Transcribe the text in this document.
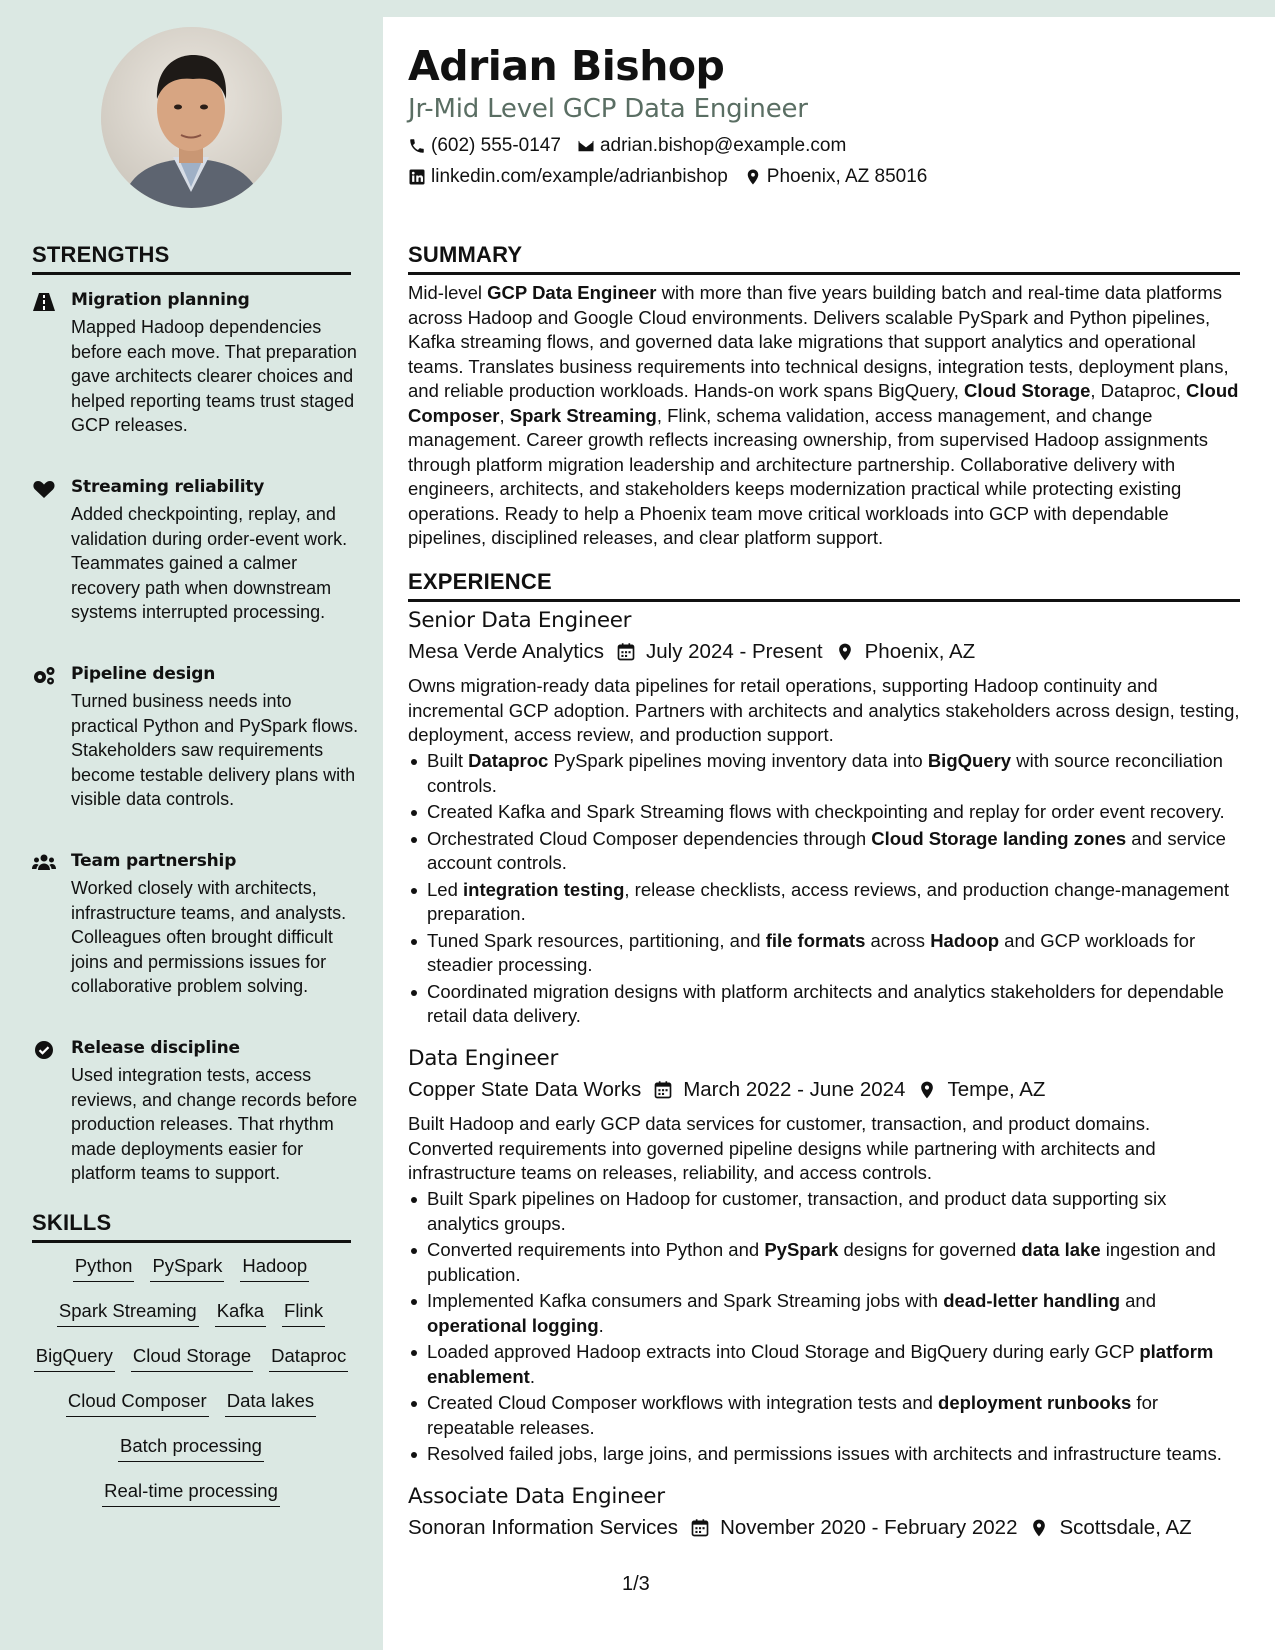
Adrian Bishop
Jr-Mid Level GCP Data Engineer
(602) 555-0147 adrian.bishop@example.com
linkedin.com/example/adrianbishop Phoenix, AZ 85016
STRENGTHS
Migration planning
Mapped Hadoop dependencies before each move. That preparation gave architects clearer choices and helped reporting teams trust staged GCP releases.
Streaming reliability
Added checkpointing, replay, and validation during order-event work. Teammates gained a calmer recovery path when downstream systems interrupted processing.
Pipeline design
Turned business needs into practical Python and PySpark flows. Stakeholders saw requirements become testable delivery plans with visible data controls.
Team partnership
Worked closely with architects, infrastructure teams, and analysts. Colleagues often brought difficult joins and permissions issues for collaborative problem solving.
Release discipline
Used integration tests, access reviews, and change records before production releases. That rhythm made deployments easier for platform teams to support.
SKILLS
Python PySpark Hadoop
Spark Streaming Kafka Flink
BigQuery Cloud Storage Dataproc
Cloud Composer Data lakes
Batch processing
Real-time processing
SUMMARY
Mid-level GCP Data Engineer with more than five years building batch and real-time data platforms across Hadoop and Google Cloud environments. Delivers scalable PySpark and Python pipelines, Kafka streaming flows, and governed data lake migrations that support analytics and operational teams. Translates business requirements into technical designs, integration tests, deployment plans, and reliable production workloads. Hands-on work spans BigQuery, Cloud Storage, Dataproc, Cloud Composer, Spark Streaming, Flink, schema validation, access management, and change management. Career growth reflects increasing ownership, from supervised Hadoop assignments through platform migration leadership and architecture partnership. Collaborative delivery with engineers, architects, and stakeholders keeps modernization practical while protecting existing operations. Ready to help a Phoenix team move critical workloads into GCP with dependable pipelines, disciplined releases, and clear platform support.
EXPERIENCE
Senior Data Engineer
Mesa Verde Analytics July 2024 - Present Phoenix, AZ
Owns migration-ready data pipelines for retail operations, supporting Hadoop continuity and incremental GCP adoption. Partners with architects and analytics stakeholders across design, testing, deployment, access review, and production support.
Built Dataproc PySpark pipelines moving inventory data into BigQuery with source reconciliation controls.
Created Kafka and Spark Streaming flows with checkpointing and replay for order event recovery.
Orchestrated Cloud Composer dependencies through Cloud Storage landing zones and service account controls.
Led integration testing, release checklists, access reviews, and production change-management preparation.
Tuned Spark resources, partitioning, and file formats across Hadoop and GCP workloads for steadier processing.
Coordinated migration designs with platform architects and analytics stakeholders for dependable retail data delivery.
Data Engineer
Copper State Data Works March 2022 - June 2024 Tempe, AZ
Built Hadoop and early GCP data services for customer, transaction, and product domains. Converted requirements into governed pipeline designs while partnering with architects and infrastructure teams on releases, reliability, and access controls.
Built Spark pipelines on Hadoop for customer, transaction, and product data supporting six analytics groups.
Converted requirements into Python and PySpark designs for governed data lake ingestion and publication.
Implemented Kafka consumers and Spark Streaming jobs with dead-letter handling and operational logging.
Loaded approved Hadoop extracts into Cloud Storage and BigQuery during early GCP platform enablement.
Created Cloud Composer workflows with integration tests and deployment runbooks for repeatable releases.
Resolved failed jobs, large joins, and permissions issues with architects and infrastructure teams.
Associate Data Engineer
Sonoran Information Services November 2020 - February 2022 Scottsdale, AZ
1/3
